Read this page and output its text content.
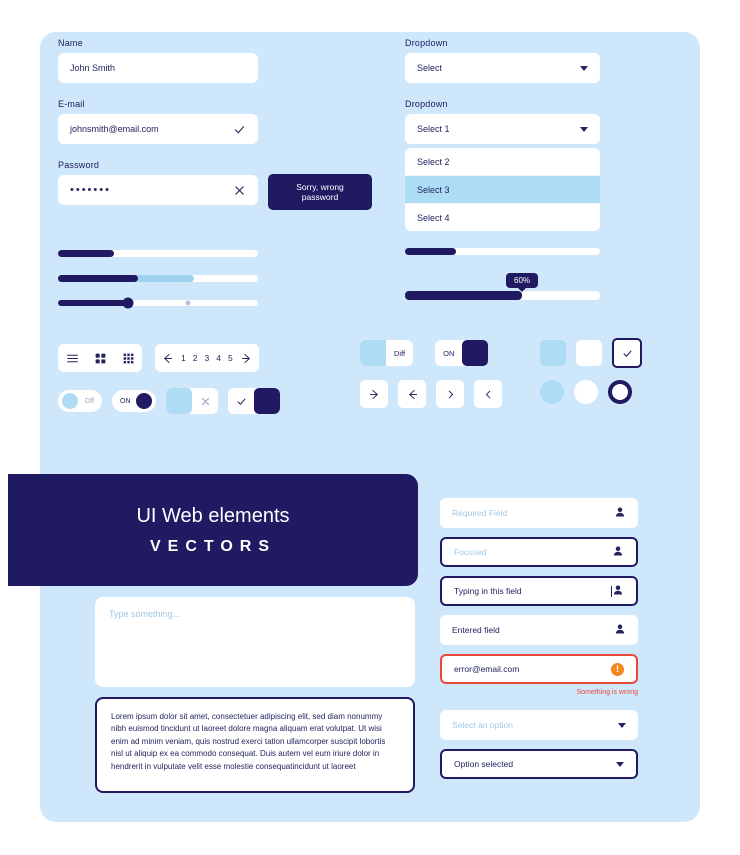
Name
John Smith
E-mail
johnsmith@email.com
Password
•••••••	Sorry, wrong password
Dropdown
Select
Dropdown
Select 1
Select 2
Select 3
Select 4
60%
1 2 3 4 5
Off	ON
Diff	ON
UI Web elements
VECTORS
Type something...
Lorem ipsum dolor sit amet, consectetuer adipiscing elit, sed diam nonummy nibh euismod tincidunt ut laoreet dolore magna aliquam erat volutpat. Ut wisi enim ad minim veniam, quis nostrud exerci tation ullamcorper suscipit lobortis nisl ut aliquip ex ea commodo consequat. Duis autem vel eum iriure dolor in hendrerit in vulputate velit esse molestie consequatincidunt ut laoreet
Required Field
Focused
Typing in this field
Entered field
error@email.com	!
Something is wrong
Select an option
Option selected
